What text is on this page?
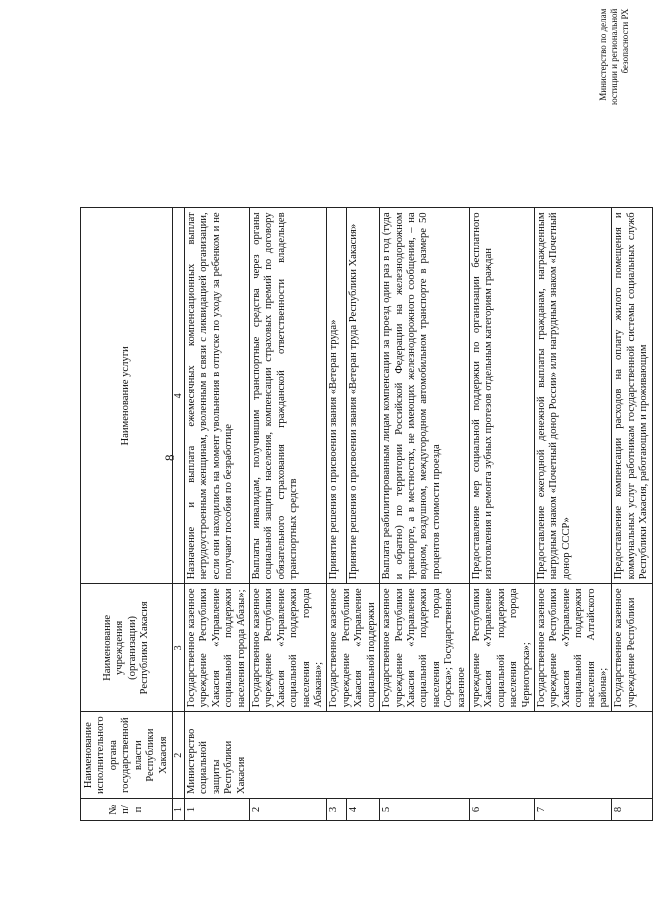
8
№ п/п	Наименование исполнительного органа государственной власти Республики Хакасия	Наименование учреждения (организации) Республики Хакасия	Наименование услуги
1	2	3	4
1	Министерство социальной защиты Республики Хакасия	Государственное казенное учреждение Республики Хакасия «Управление социальной поддержки населения города Абазы»;	Назначение и выплата ежемесячных компенсационных выплат нетрудоустроенным женщинам, уволенным в связи с ликвидацией организации, если они находились на момент увольнения в отпуске по уходу за ребенком и не получают пособия по безработице
2		Государственное казенное учреждение Республики Хакасия «Управление социальной поддержки населения города Абакана»;	Выплаты инвалидам, получившим транспортные средства через органы социальной защиты населения, компенсации страховых премий по договору обязательного страхования гражданской ответственности владельцев транспортных средств
3		Государственное казенное учреждение Республики Хакасия «Управление социальной поддержки	Принятие решения о присвоении звания «Ветеран труда»
4			Принятие решения о присвоении звания «Ветеран труда Республики Хакасия»
5		Государственное казенное учреждение Республики Хакасия «Управление социальной поддержки населения города Сорска»; Государственное казенное	Выплата реабилитированным лицам компенсации за проезд один раз в год (туда и обратно) по территории Российской Федерации на железнодорожном транспорте, а в местностях, не имеющих железнодорожного сообщения, – на водном, воздушном, междугородном автомобильном транспорте в размере 50 процентов стоимости проезда
6		учреждение Республики Хакасия «Управление социальной поддержки населения города Черногорска»;	Предоставление мер социальной поддержки по организации бесплатного изготовления и ремонта зубных протезов отдельным категориям граждан
7		Государственное казенное учреждение Республики Хакасия «Управление социальной поддержки населения Алтайского района»;	Предоставление ежегодной денежной выплаты гражданам, награжденным нагрудным знаком «Почетный донор России» или нагрудным знаком «Почетный донор СССР»
8		Государственное казенное учреждение Республики	Предоставление компенсации расходов на оплату жилого помещения и коммунальных услуг работникам государственной системы социальных служб Республики Хакасия, работающим и проживающим
Министерство по делам юстиции и региональной безопасности РХ
